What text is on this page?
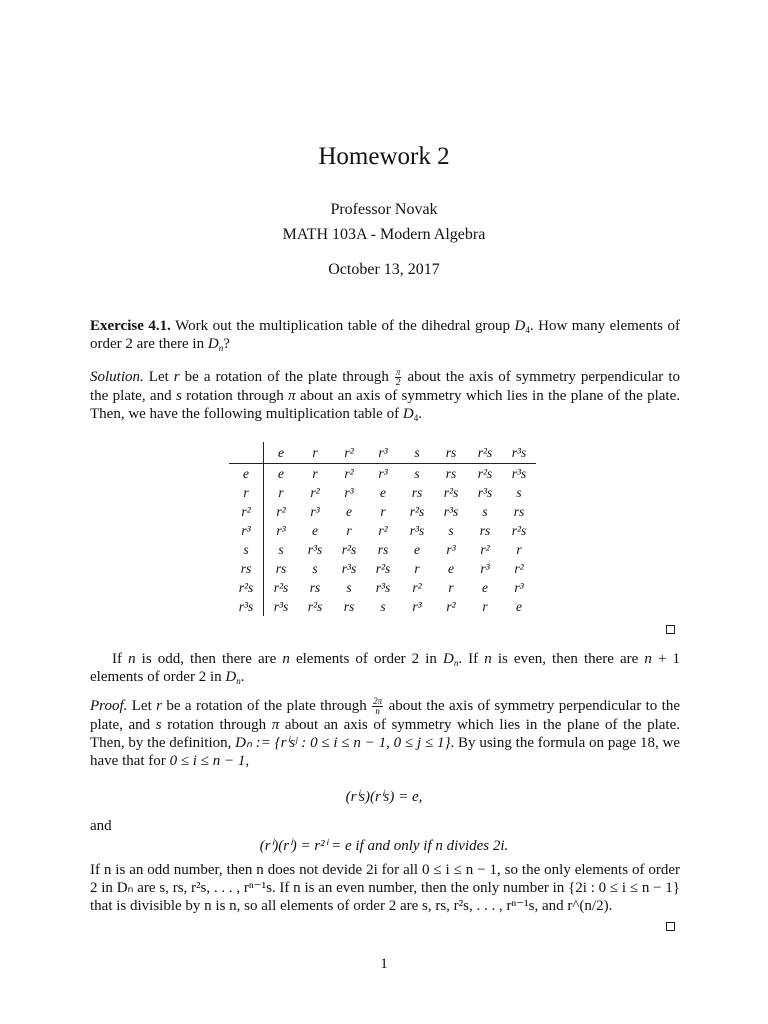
Homework 2
Professor Novak
MATH 103A - Modern Algebra
October 13, 2017
Exercise 4.1. Work out the multiplication table of the dihedral group $D_4$. How many elements of order 2 are there in $D_n$?
Solution. Let r be a rotation of the plate through $\frac{\pi}{2}$ about the axis of symmetry perpendicular to the plate, and s rotation through π about an axis of symmetry which lies in the plane of the plate. Then, we have the following multiplication table of $D_4$.
	e	r	r²	r³	s	rs	r²s	r³s
e	e	r	r²	r³	s	rs	r²s	r³s
r	r	r²	r³	e	rs	r²s	r³s	s
r²	r²	r³	e	r	r²s	r³s	s	rs
r³	r³	e	r	r²	r³s	s	rs	r²s
s	s	r³s	r²s	rs	e	r³	r²	r
rs	rs	s	r³s	r²s	r	e	r³	r²
r²s	r²s	rs	s	r³s	r²	r	e	r³
r³s	r³s	r²s	rs	s	r³	r²	r	e
If n is odd, then there are n elements of order 2 in $D_n$. If n is even, then there are n + 1 elements of order 2 in $D_n$.
Proof. Let r be a rotation of the plate through $\frac{2\pi}{n}$ about the axis of symmetry perpendicular to the plate, and s rotation through π about an axis of symmetry which lies in the plane of the plate. Then, by the definition, Dₙ := {rⁱsʲ : 0 ≤ i ≤ n − 1, 0 ≤ j ≤ 1}. By using the formula on page 18, we have that for 0 ≤ i ≤ n − 1,
(rⁱs)(rⁱs) = e,
and
(rⁱ)(rⁱ) = r²ⁱ = e if and only if n divides 2i.
If n is an odd number, then n does not devide 2i for all 0 ≤ i ≤ n − 1, so the only elements of order 2 in Dₙ are s, rs, r²s, . . . , rⁿ⁻¹s. If n is an even number, then the only number in {2i : 0 ≤ i ≤ n − 1} that is divisible by n is n, so all elements of order 2 are s, rs, r²s, . . . , rⁿ⁻¹s, and r^(n/2).
1
